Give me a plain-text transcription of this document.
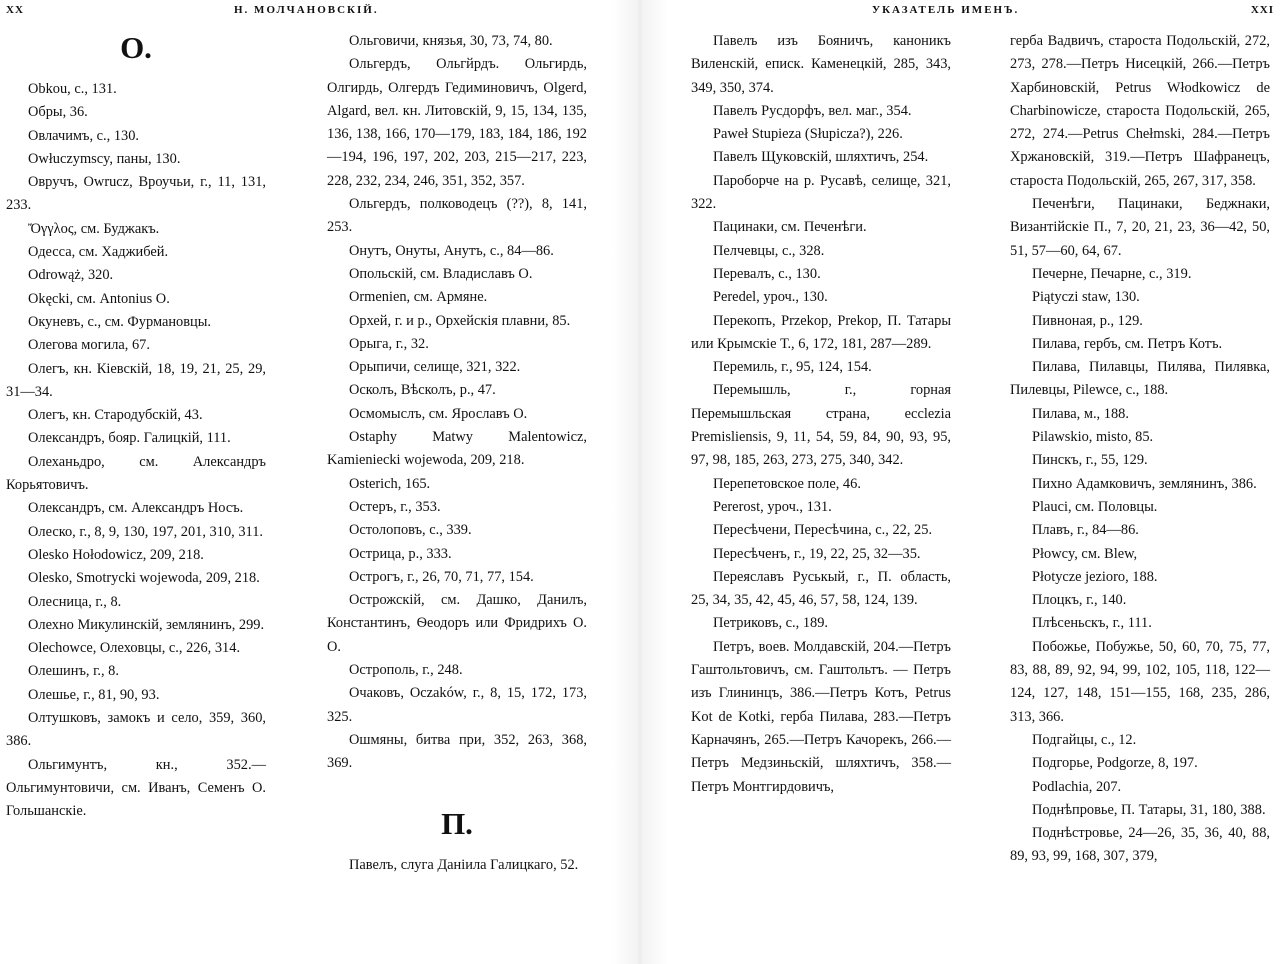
XX	Н. МОЛЧАНОВСКІЙ.
О.

Obkou, с., 131.

Обры, 36.

Овлачимъ, с., 130.

Owłuczymscy, паны, 130.

Овручъ, Owrucz, Вроучьи, г., 11, 131, 233.

Ὄγγλος, см. Буджакъ.

Одесса, см. Хаджибей.

Odrowąż, 320.

Okęcki, см. Antonius O.

Окуневъ, с., см. Фурмановцы.

Олегова могила, 67.

Олегъ, кн. Кіевскій, 18, 19, 21, 25, 29, 31—34.

Олегъ, кн. Стародубскій, 43.

Олександръ, бояр. Галицкій, 111.

Олеханьдро, см. Александръ Корьятовичъ.

Олександръ, см. Александръ Носъ.

Олеско, г., 8, 9, 130, 197, 201, 310, 311.

Olesko Hołodowicz, 209, 218.

Olesko, Smotrycki wojewoda, 209, 218.

Олесница, г., 8.

Олехно Микулинскій, землянинъ, 299.

Olechowce, Олеховцы, с., 226, 314.

Олешинъ, г., 8.

Олешье, г., 81, 90, 93.

Олтушковъ, замокъ и село, 359, 360, 386.

Ольгимунтъ, кн., 352.—Ольгимунтовичи, см. Иванъ, Семенъ О. Гольшанскіе.

Ольговичи, князья, 30, 73, 74, 80.

Ольгердъ, Ольгйрдъ. Ольгирдь, Олгирдь, Олгердъ Гедиминовичъ, Olgerd, Algard, вел. кн. Литовскій, 9, 15, 134, 135, 136, 138, 166, 170—179, 183, 184, 186, 192—194, 196, 197, 202, 203, 215—217, 223, 228, 232, 234, 246, 351, 352, 357.

Ольгердъ, полководецъ (??), 8, 141, 253.

Онутъ, Онуты, Анутъ, с., 84—86.

Опольскій, см. Владиславъ О.

Ormenien, см. Армяне.

Орхей, г. и р., Орхейскія плавни, 85.

Орыга, г., 32.

Орыпичи, селище, 321, 322.

Осколъ, Вѣсколъ, р., 47.

Осмомыслъ, см. Ярославъ О.

Ostaphy Matwy Malentowicz, Kamieniecki wojewoda, 209, 218.

Osterich, 165.

Остеръ, г., 353.

Остолоповъ, с., 339.

Острица, р., 333.

Острогъ, г., 26, 70, 71, 77, 154.

Острожскій, см. Дашко, Данилъ, Константинъ, Ѳеодоръ или Фридрихъ О. О.

Острополь, г., 248.

Очаковъ, Oczaków, г., 8, 15, 172, 173, 325.

Ошмяны, битва при, 352, 263, 368, 369.

П.

Павелъ, слуга Данiила Галицкаго, 52.

УКАЗАТЕЛЬ ИМЕНЪ.	XXI

Павелъ изъ Бояничъ, каноникъ Виленскій, епиcк. Каменецкій, 285, 343, 349, 350, 374.

Павелъ Русдорфъ, вел. маг., 354.

Paweł Stupieza (Słupicza?), 226.

Павелъ Щуковскій, шляхтичъ, 254.

Пароборче на р. Русавѣ, селище, 321, 322.

Пацинаки, см. Печенѣги.

Пелчевцы, с., 328.

Перевалъ, с., 130.

Peredel, уроч., 130.

Перекопъ, Przekop, Prekop, П. Татары или Крымскіе Т., 6, 172, 181, 287—289.

Перемиль, г., 95, 124, 154.

Перемышль, г., горная Перемышльская страна, ecclezia Premisliensis, 9, 11, 54, 59, 84, 90, 93, 95, 97, 98, 185, 263, 273, 275, 340, 342.

Перепетовское поле, 46.

Pererost, уроч., 131.

Пересѣчени, Пересѣчина, с., 22, 25.

Пересѣченъ, г., 19, 22, 25, 32—35.

Переяславъ Руськый, г., П. область, 25, 34, 35, 42, 45, 46, 57, 58, 124, 139.

Петриковъ, с., 189.

Петръ, воев. Молдавскій, 204.—Петръ Гаштольтовичъ, см. Гаштольтъ. — Петръ изъ Глининцъ, 386.—Петръ Котъ, Petrus Kot de Kotki, герба Пилава, 283.—Петръ Карначянъ, 265.—Петръ Качорекъ, 266.—Петръ Медзиньскій, шляхтичъ, 358.—Петръ Монтгирдовичъ,

герба Вадвичъ, староста Подольскій, 272, 273, 278.—Петръ Нисецкій, 266.—Петръ Харбиновскій, Petrus Włodkowicz de Charbinowicze, староста Подольскій, 265, 272, 274.—Petrus Chełmski, 284.—Петръ Хржановскій, 319.—Петръ Шафранецъ, староста Подольскій, 265, 267, 317, 358.

Печенѣги, Пацинаки, Беджнаки, Византійскіе П., 7, 20, 21, 23, 36—42, 50, 51, 57—60, 64, 67.

Печерне, Печарне, с., 319.

Piątyczi staw, 130.

Пивноная, р., 129.

Пилава, гербъ, см. Петръ Котъ.

Пилава, Пилавцы, Пилява, Пилявка, Пилевцы, Pilewce, с., 188.

Пилава, м., 188.

Pilawskio, misto, 85.

Пинскъ, г., 55, 129.

Пихно Адамковичъ, землянинъ, 386.

Plauci, см. Половцы.

Плавъ, г., 84—86.

Płowcy, см. Blew,

Płotycze jezioro, 188.

Плоцкъ, г., 140.

Плѣсеньскъ, г., 111.

Побожье, Побужье, 50, 60, 70, 75, 77, 83, 88, 89, 92, 94, 99, 102, 105, 118, 122—124, 127, 148, 151—155, 168, 235, 286, 313, 366.

Подгайцы, с., 12.

Подгорье, Podgorze, 8, 197.

Podlachia, 207.

Поднѣпровье, П. Татары, 31, 180, 388.

Поднѣстровье, 24—26, 35, 36, 40, 88, 89, 93, 99, 168, 307, 379,
